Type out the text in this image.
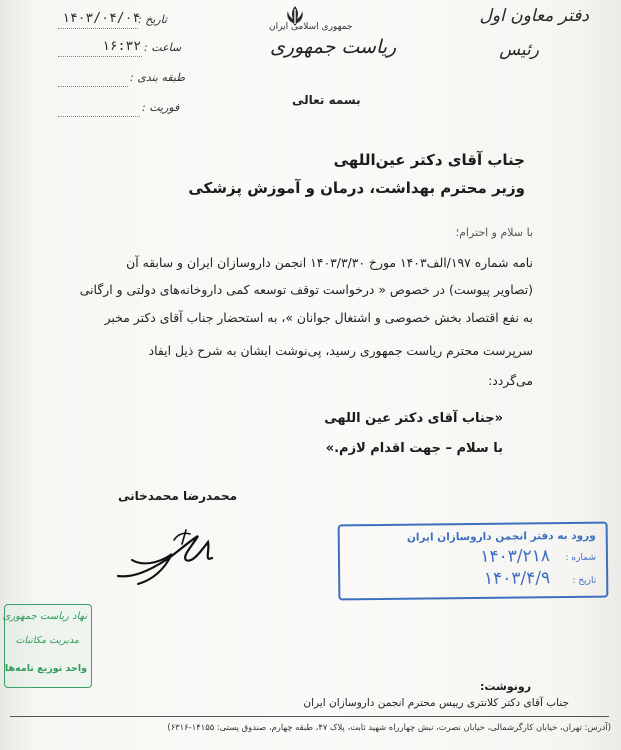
دفتر معاون اول
رئیس
جمهوری اسلامی ایران
ریاست جمهوری
تاریخ :
۱۴۰۳/۰۴/۰۴
ساعت :
۱۶:۳۲
طبقه بندی :
فوریت :
بسمه تعالی
جناب آقای دکتر عین‌اللهی
وزیر محترم بهداشت، درمان و آموزش پزشکی
با سلام و احترام؛
نامه شماره ۱۹۷/الف۱۴۰۳ مورخ ۱۴۰۳/۳/۳۰ انجمن داروسازان ایران و سابقه آن
(تصاویر پیوست) در خصوص « درخواست توقف توسعه کمی داروخانه‌های دولتی و ارگانی
به نفع اقتصاد بخش خصوصی و اشتغال جوانان »، به استحضار جناب آقای دکتر مخبر
سرپرست محترم ریاست جمهوری رسید، پی‌نوشت ایشان به شرح ذیل ایفاد
می‌گردد:
«جناب آقای دکتر عین اللهی
با سلام – جهت اقدام لازم.»
محمدرضا محمدخانی
ورود به دفتر انجمن داروسازان ایران
شماره :
۱۴۰۳/۲۱۸
تاریخ :
۱۴۰۳/۴/۹
نهاد ریاست جمهوری
مدیریت مکاتبات
واحد توزیع نامه‌ها
رونوشت:
جناب آقای دکتر کلانتری رییس محترم انجمن داروسازان ایران
(آدرس: تهران، خیابان کارگرشمالی، خیابان نصرت، نبش چهارراه شهید ثابت، پلاک ۴۷، طبقه چهارم، صندوق پستی: ۱۴۱۵۵-۶۳۱۶)
